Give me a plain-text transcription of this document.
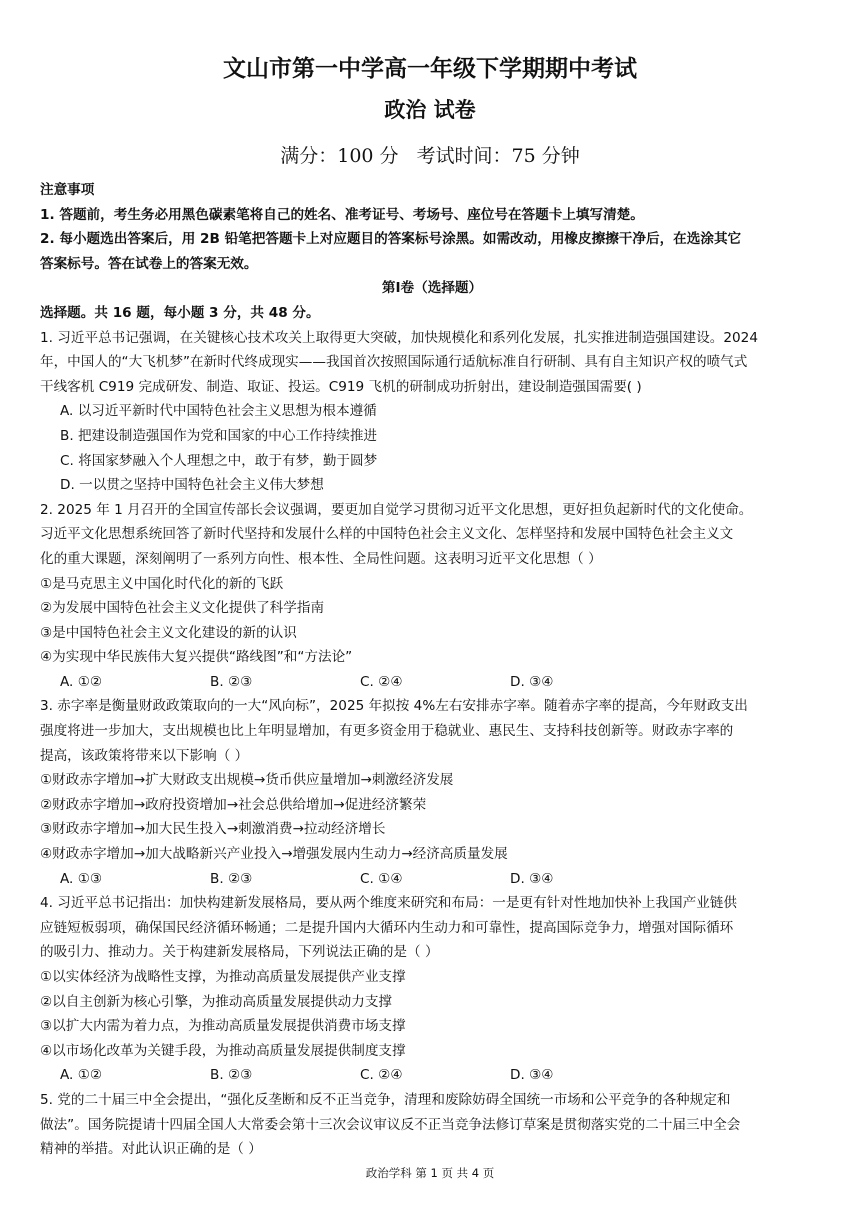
文山市第一中学高一年级下学期期中考试
政治 试卷
满分：100 分 考试时间：75 分钟
注意事项
1. 答题前，考生务必用黑色碳素笔将自己的姓名、准考证号、考场号、座位号在答题卡上填写清楚。
2. 每小题选出答案后，用 2B 铅笔把答题卡上对应题目的答案标号涂黑。如需改动，用橡皮擦擦干净后，在选涂其它
答案标号。答在试卷上的答案无效。
第Ⅰ卷（选择题）
选择题。共 16 题，每小题 3 分，共 48 分。
1. 习近平总书记强调，在关键核心技术攻关上取得更大突破，加快规模化和系列化发展，扎实推进制造强国建设。2024
年，中国人的“大飞机梦”在新时代终成现实——我国首次按照国际通行适航标准自行研制、具有自主知识产权的喷气式
干线客机 C919 完成研发、制造、取证、投运。C919 飞机的研制成功折射出，建设制造强国需要( )
A. 以习近平新时代中国特色社会主义思想为根本遵循
B. 把建设制造强国作为党和国家的中心工作持续推进
C. 将国家梦融入个人理想之中，敢于有梦，勤于圆梦
D. 一以贯之坚持中国特色社会主义伟大梦想
2. 2025 年 1 月召开的全国宣传部长会议强调，要更加自觉学习贯彻习近平文化思想，更好担负起新时代的文化使命。
习近平文化思想系统回答了新时代坚持和发展什么样的中国特色社会主义文化、怎样坚持和发展中国特色社会主义文
化的重大课题，深刻阐明了一系列方向性、根本性、全局性问题。这表明习近平文化思想（ ）
①是马克思主义中国化时代化的新的飞跃
②为发展中国特色社会主义文化提供了科学指南
③是中国特色社会主义文化建设的新的认识
④为实现中华民族伟大复兴提供“路线图”和“方法论”
A. ①②	B. ②③	C. ②④	D. ③④
3. 赤字率是衡量财政政策取向的一大“风向标”，2025 年拟按 4%左右安排赤字率。随着赤字率的提高，今年财政支出
强度将进一步加大，支出规模也比上年明显增加，有更多资金用于稳就业、惠民生、支持科技创新等。财政赤字率的
提高，该政策将带来以下影响（ ）
①财政赤字增加→扩大财政支出规模→货币供应量增加→刺激经济发展
②财政赤字增加→政府投资增加→社会总供给增加→促进经济繁荣
③财政赤字增加→加大民生投入→刺激消费→拉动经济增长
④财政赤字增加→加大战略新兴产业投入→增强发展内生动力→经济高质量发展
A. ①③	B. ②③	C. ①④	D. ③④
4. 习近平总书记指出：加快构建新发展格局，要从两个维度来研究和布局：一是更有针对性地加快补上我国产业链供
应链短板弱项，确保国民经济循环畅通；二是提升国内大循环内生动力和可靠性，提高国际竞争力，增强对国际循环
的吸引力、推动力。关于构建新发展格局，下列说法正确的是（ ）
①以实体经济为战略性支撑，为推动高质量发展提供产业支撑
②以自主创新为核心引擎，为推动高质量发展提供动力支撑
③以扩大内需为着力点，为推动高质量发展提供消费市场支撑
④以市场化改革为关键手段，为推动高质量发展提供制度支撑
A. ①②	B. ②③	C. ②④	D. ③④
5. 党的二十届三中全会提出，“强化反垄断和反不正当竞争，清理和废除妨碍全国统一市场和公平竞争的各种规定和
做法”。国务院提请十四届全国人大常委会第十三次会议审议反不正当竞争法修订草案是贯彻落实党的二十届三中全会
精神的举措。对此认识正确的是（ ）
政治学科 第 1 页 共 4 页
